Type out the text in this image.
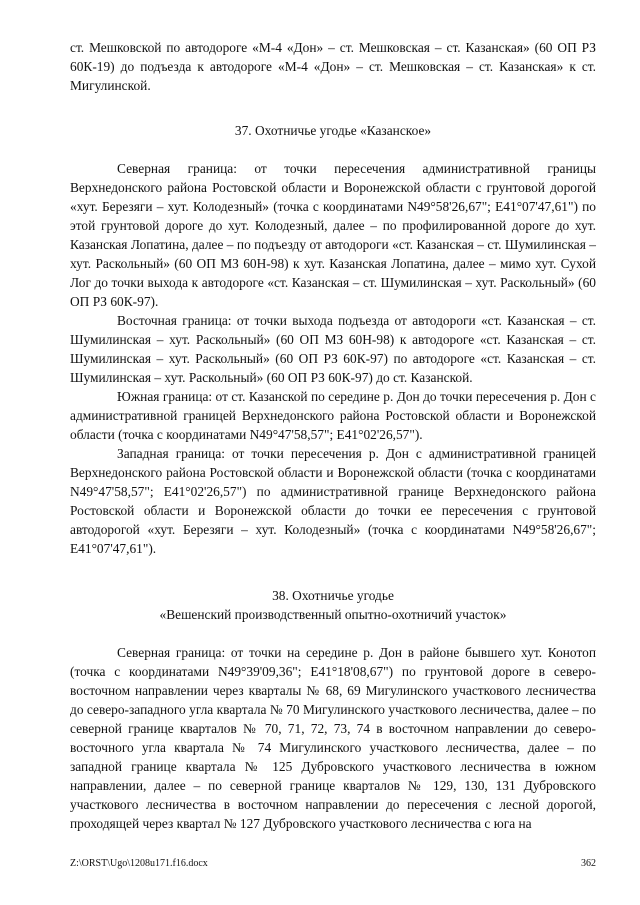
ст. Мешковской по автодороге «М-4 «Дон» – ст. Мешковская – ст. Казанская» (60 ОП РЗ 60К-19) до подъезда к автодороге «М-4 «Дон» – ст. Мешковская – ст. Казанская» к ст. Мигулинской.

37. Охотничье угодье «Казанское»

Северная граница: от точки пересечения административной границы Верхнедонского района Ростовской области и Воронежской области с грунтовой дорогой «хут. Березяги – хут. Колодезный» (точка с координатами N49°58'26,67"; E41°07'47,61") по этой грунтовой дороге до хут. Колодезный, далее – по профилированной дороге до хут. Казанская Лопатина, далее – по подъезду от автодороги «ст. Казанская – ст. Шумилинская – хут. Раскольный» (60 ОП МЗ 60Н-98) к хут. Казанская Лопатина, далее – мимо хут. Сухой Лог до точки выхода к автодороге «ст. Казанская – ст. Шумилинская – хут. Раскольный» (60 ОП РЗ 60К-97).

Восточная граница: от точки выхода подъезда от автодороги «ст. Казанская – ст. Шумилинская – хут. Раскольный» (60 ОП МЗ 60Н-98) к автодороге «ст. Казанская – ст. Шумилинская – хут. Раскольный» (60 ОП РЗ 60К-97) по автодороге «ст. Казанская – ст. Шумилинская – хут. Раскольный» (60 ОП РЗ 60К-97) до ст. Казанской.

Южная граница: от ст. Казанской по середине р. Дон до точки пересечения р. Дон с административной границей Верхнедонского района Ростовской области и Воронежской области (точка с координатами N49°47'58,57"; E41°02'26,57").

Западная граница: от точки пересечения р. Дон с административной границей Верхнедонского района Ростовской области и Воронежской области (точка с координатами N49°47'58,57"; E41°02'26,57") по административной границе Верхнедонского района Ростовской области и Воронежской области до точки ее пересечения с грунтовой автодорогой «хут. Березяги – хут. Колодезный» (точка с координатами N49°58'26,67"; E41°07'47,61").

38. Охотничье угодье
«Вешенский производственный опытно-охотничий участок»

Северная граница: от точки на середине р. Дон в районе бывшего хут. Конотоп (точка с координатами N49°39'09,36"; E41°18'08,67") по грунтовой дороге в северо-восточном направлении через кварталы № 68, 69 Мигулинского участкового лесничества до северо-западного угла квартала № 70 Мигулинского участкового лесничества, далее – по северной границе кварталов № 70, 71, 72, 73, 74 в восточном направлении до северо-восточного угла квартала № 74 Мигулинского участкового лесничества, далее – по западной границе квартала № 125 Дубровского участкового лесничества в южном направлении, далее – по северной границе кварталов № 129, 130, 131 Дубровского участкового лесничества в восточном направлении до пересечения с лесной дорогой, проходящей через квартал № 127 Дубровского участкового лесничества с юга на

Z:\ORST\Ugo\1208u171.f16.docx	362
